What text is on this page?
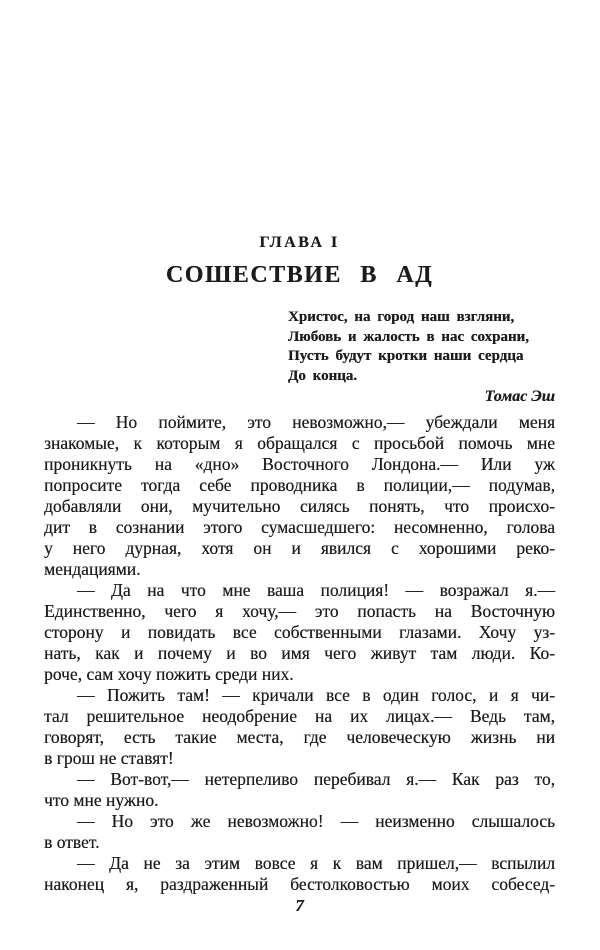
ГЛАВА I
СОШЕСТВИЕ В АД
Христос, на город наш взгляни,
Любовь и жалость в нас сохрани,
Пусть будут кротки наши сердца
До конца.
Томас Эш
— Но поймите, это невозможно,— убеждали меня
знакомые, к которым я обращался с просьбой помочь мне
проникнуть на «дно» Восточного Лондона.— Или уж
попросите тогда себе проводника в полиции,— подумав,
добавляли они, мучительно силясь понять, что происхо-
дит в сознании этого сумасшедшего: несомненно, голова
у него дурная, хотя он и явился с хорошими реко-
мендациями.
— Да на что мне ваша полиция! — возражал я.—
Единственно, чего я хочу,— это попасть на Восточную
сторону и повидать все собственными глазами. Хочу уз-
нать, как и почему и во имя чего живут там люди. Ко-
роче, сам хочу пожить среди них.
— Пожить там! — кричали все в один голос, и я чи-
тал решительное неодобрение на их лицах.— Ведь там,
говорят, есть такие места, где человеческую жизнь ни
в грош не ставят!
— Вот-вот,— нетерпеливо перебивал я.— Как раз то,
что мне нужно.
— Но это же невозможно! — неизменно слышалось
в ответ.
— Да не за этим вовсе я к вам пришел,— вспылил
наконец я, раздраженный бестолковостью моих собесед-
7
